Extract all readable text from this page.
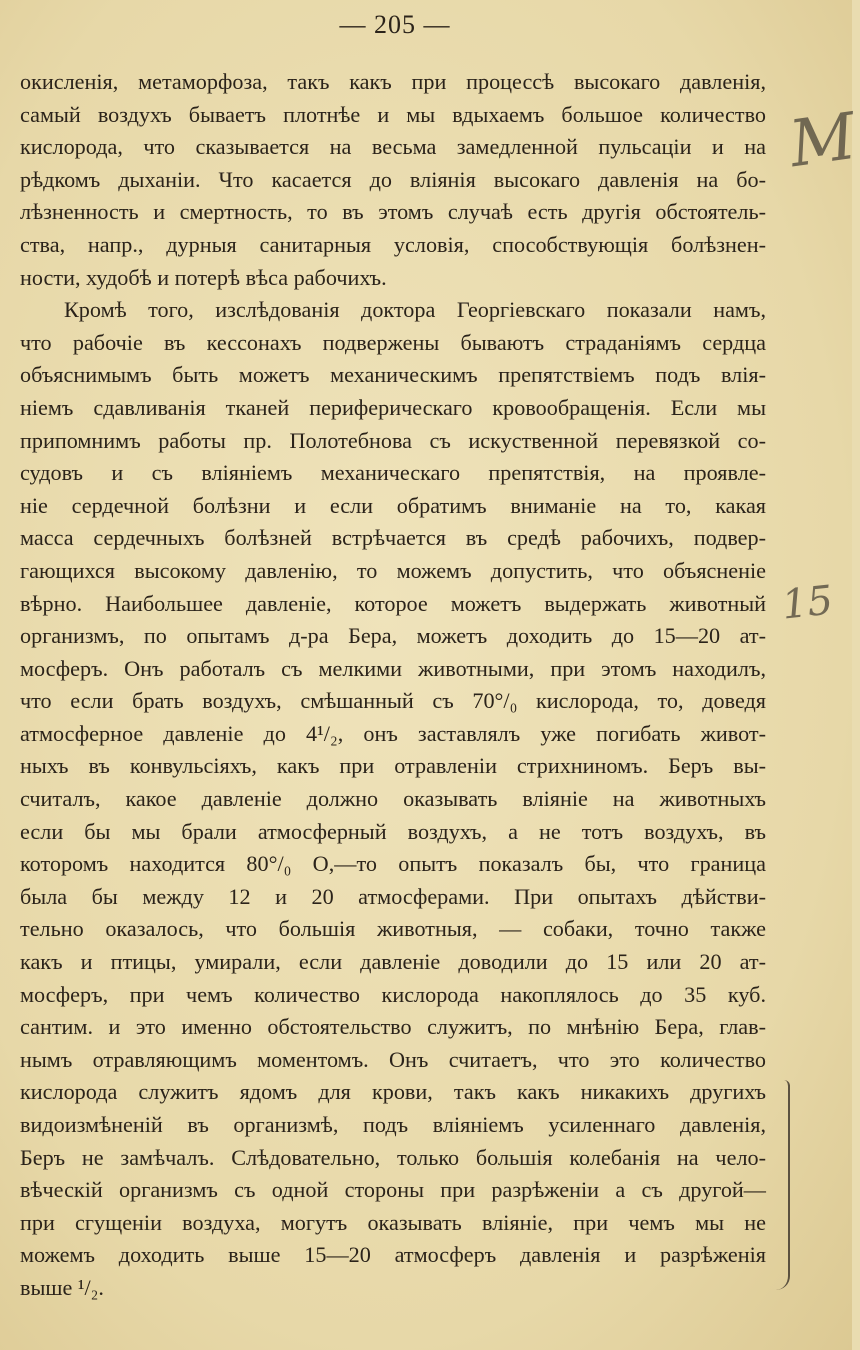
— 205 —
окисленія, метаморфоза, такъ какъ при процессѣ высокаго давленія,
самый воздухъ бываетъ плотнѣе и мы вдыхаемъ большое количество
кислорода, что сказывается на весьма замедленной пульсаціи и на
рѣдкомъ дыханіи. Что касается до вліянія высокаго давленія на бо-
лѣзненность и смертность, то въ этомъ случаѣ есть другія обстоятель-
ства, напр., дурныя санитарныя условія, способствующія болѣзнен-
ности, худобѣ и потерѣ вѣса рабочихъ.
Кромѣ того, изслѣдованія доктора Георгіевскаго показали намъ,
что рабочіе въ кессонахъ подвержены бываютъ страданіямъ сердца
объяснимымъ быть можетъ механическимъ препятствіемъ подъ влія-
ніемъ сдавливанія тканей периферическаго кровообращенія. Если мы
припомнимъ работы пр. Полотебнова съ искуственной перевязкой со-
судовъ и съ вліяніемъ механическаго препятствія, на проявле-
ніе сердечной болѣзни и если обратимъ вниманіе на то, какая
масса сердечныхъ болѣзней встрѣчается въ средѣ рабочихъ, подвер-
гающихся высокому давленію, то можемъ допустить, что объясненіе
вѣрно. Наибольшее давленіе, которое можетъ выдержать животный
организмъ, по опытамъ д-ра Бера, можетъ доходить до 15—20 ат-
мосферъ. Онъ работалъ съ мелкими животными, при этомъ находилъ,
что если брать воздухъ, смѣшанный съ 70°/₀ кислорода, то, доведя
атмосферное давленіе до 4¹/₂, онъ заставлялъ уже погибать живот-
ныхъ въ конвульсіяхъ, какъ при отравленіи стрихниномъ. Беръ вы-
считалъ, какое давленіе должно оказывать вліяніе на животныхъ
если бы мы брали атмосферный воздухъ, а не тотъ воздухъ, въ
которомъ находится 80°/₀ O,—то опытъ показалъ бы, что граница
была бы между 12 и 20 атмосферами. При опытахъ дѣйстви-
тельно оказалось, что большія животныя, — собаки, точно также
какъ и птицы, умирали, если давленіе доводили до 15 или 20 ат-
мосферъ, при чемъ количество кислорода накоплялось до 35 куб.
сантим. и это именно обстоятельство служитъ, по мнѣнію Бера, глав-
нымъ отравляющимъ моментомъ. Онъ считаетъ, что это количество
кислорода служитъ ядомъ для крови, такъ какъ никакихъ другихъ
видоизмѣненій въ организмѣ, подъ вліяніемъ усиленнаго давленія,
Беръ не замѣчалъ. Слѣдовательно, только большія колебанія на чело-
вѣческій организмъ съ одной стороны при разрѣженіи а съ другой—
при сгущеніи воздуха, могутъ оказывать вліяніе, при чемъ мы не
можемъ доходить выше 15—20 атмосферъ давленія и разрѣженія
выше ¹/₂.
M
15
